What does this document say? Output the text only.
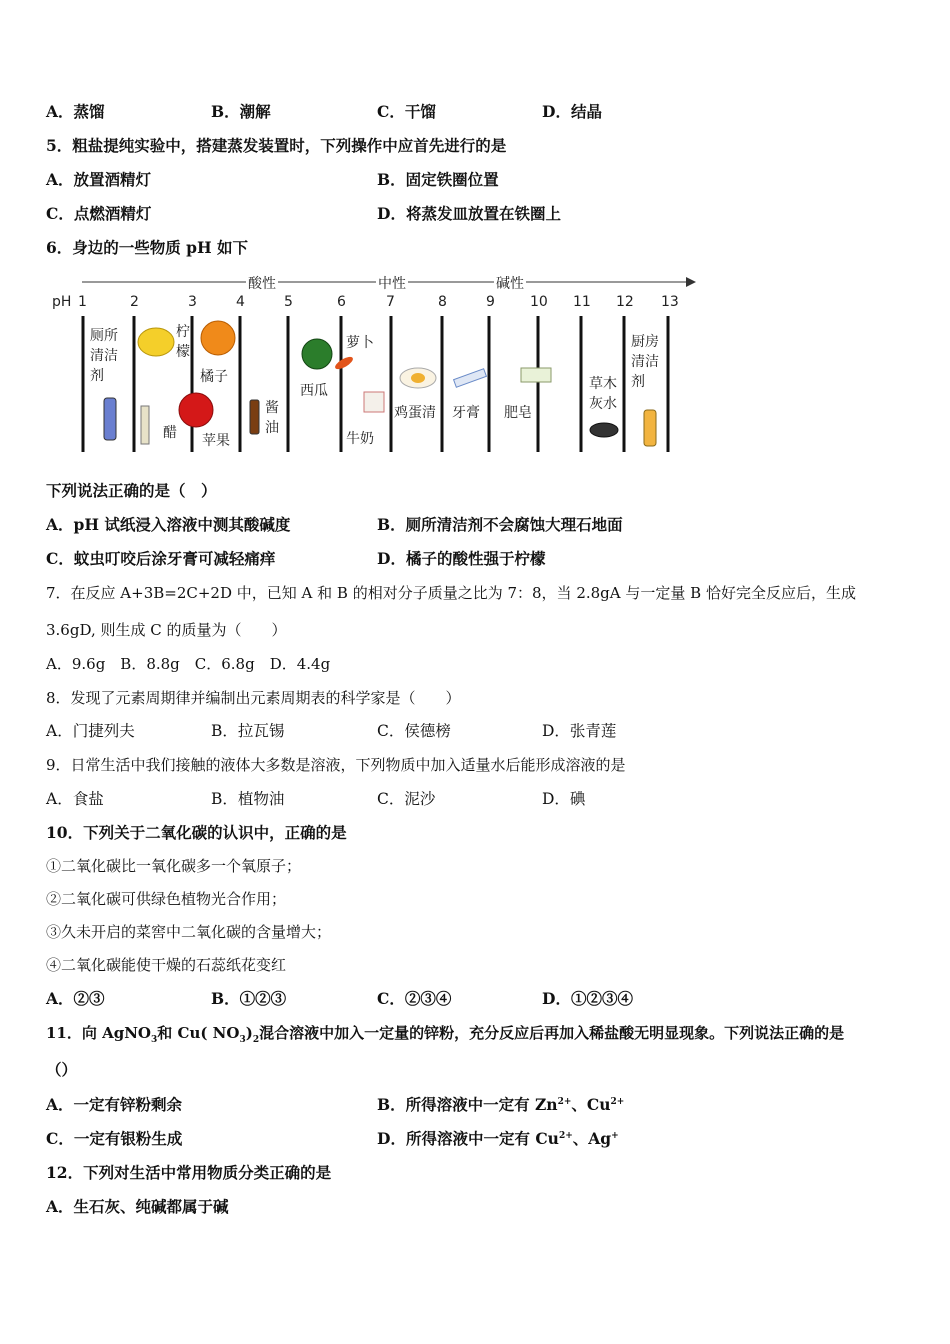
A．蒸馏	B．潮解	C．干馏	D．结晶
5．粗盐提纯实验中，搭建蒸发装置时，下列操作中应首先进行的是
A．放置酒精灯	B．固定铁圈位置
C．点燃酒精灯	D．将蒸发皿放置在铁圈上
6．身边的一些物质 pH 如下
酸性	中性	碱性
pH 1	2	3	4	5	6	7	8	9	10 11 12 13
厕所清洁剂
柠檬
橘子
醋 苹果
酱油
西瓜
萝卜
牛奶
鸡蛋清 牙膏 肥皂
草木灰水
厨房清洁剂
下列说法正确的是（　）
A．pH 试纸浸入溶液中测其酸碱度	B．厕所清洁剂不会腐蚀大理石地面
C．蚊虫叮咬后涂牙膏可减轻痛痒	D．橘子的酸性强于柠檬
7．在反应 A+3B=2C+2D 中，已知 A 和 B 的相对分子质量之比为 7：8，当 2.8gA 与一定量 B 恰好完全反应后，生成
3.6gD, 则生成 C 的质量为（　　）
A．9.6g　B．8.8g　C．6.8g　D．4.4g
8．发现了元素周期律并编制出元素周期表的科学家是（　　）
A．门捷列夫	B．拉瓦锡	C．侯德榜	D．张青莲
9．日常生活中我们接触的液体大多数是溶液，下列物质中加入适量水后能形成溶液的是
A．食盐	B．植物油	C．泥沙	D．碘
10．下列关于二氧化碳的认识中，正确的是
①二氧化碳比一氧化碳多一个氧原子；
②二氧化碳可供绿色植物光合作用；
③久未开启的菜窖中二氧化碳的含量增大；
④二氧化碳能使干燥的石蕊纸花变红
A．②③	B．①②③	C．②③④	D．①②③④
11．向 AgNO$_3$和 Cu( $NO_3)_2$混合溶液中加入一定量的锌粉，充分反应后再加入稀盐酸无明显现象。下列说法正确的是
（）
A．一定有锌粉剩余	B．所得溶液中一定有 $Zn^{2+}$、$Cu^{2+}$
C．一定有银粉生成	D．所得溶液中一定有 $Cu^{2+}$、Ag+
12．下列对生活中常用物质分类正确的是
A．生石灰、纯碱都属于碱
